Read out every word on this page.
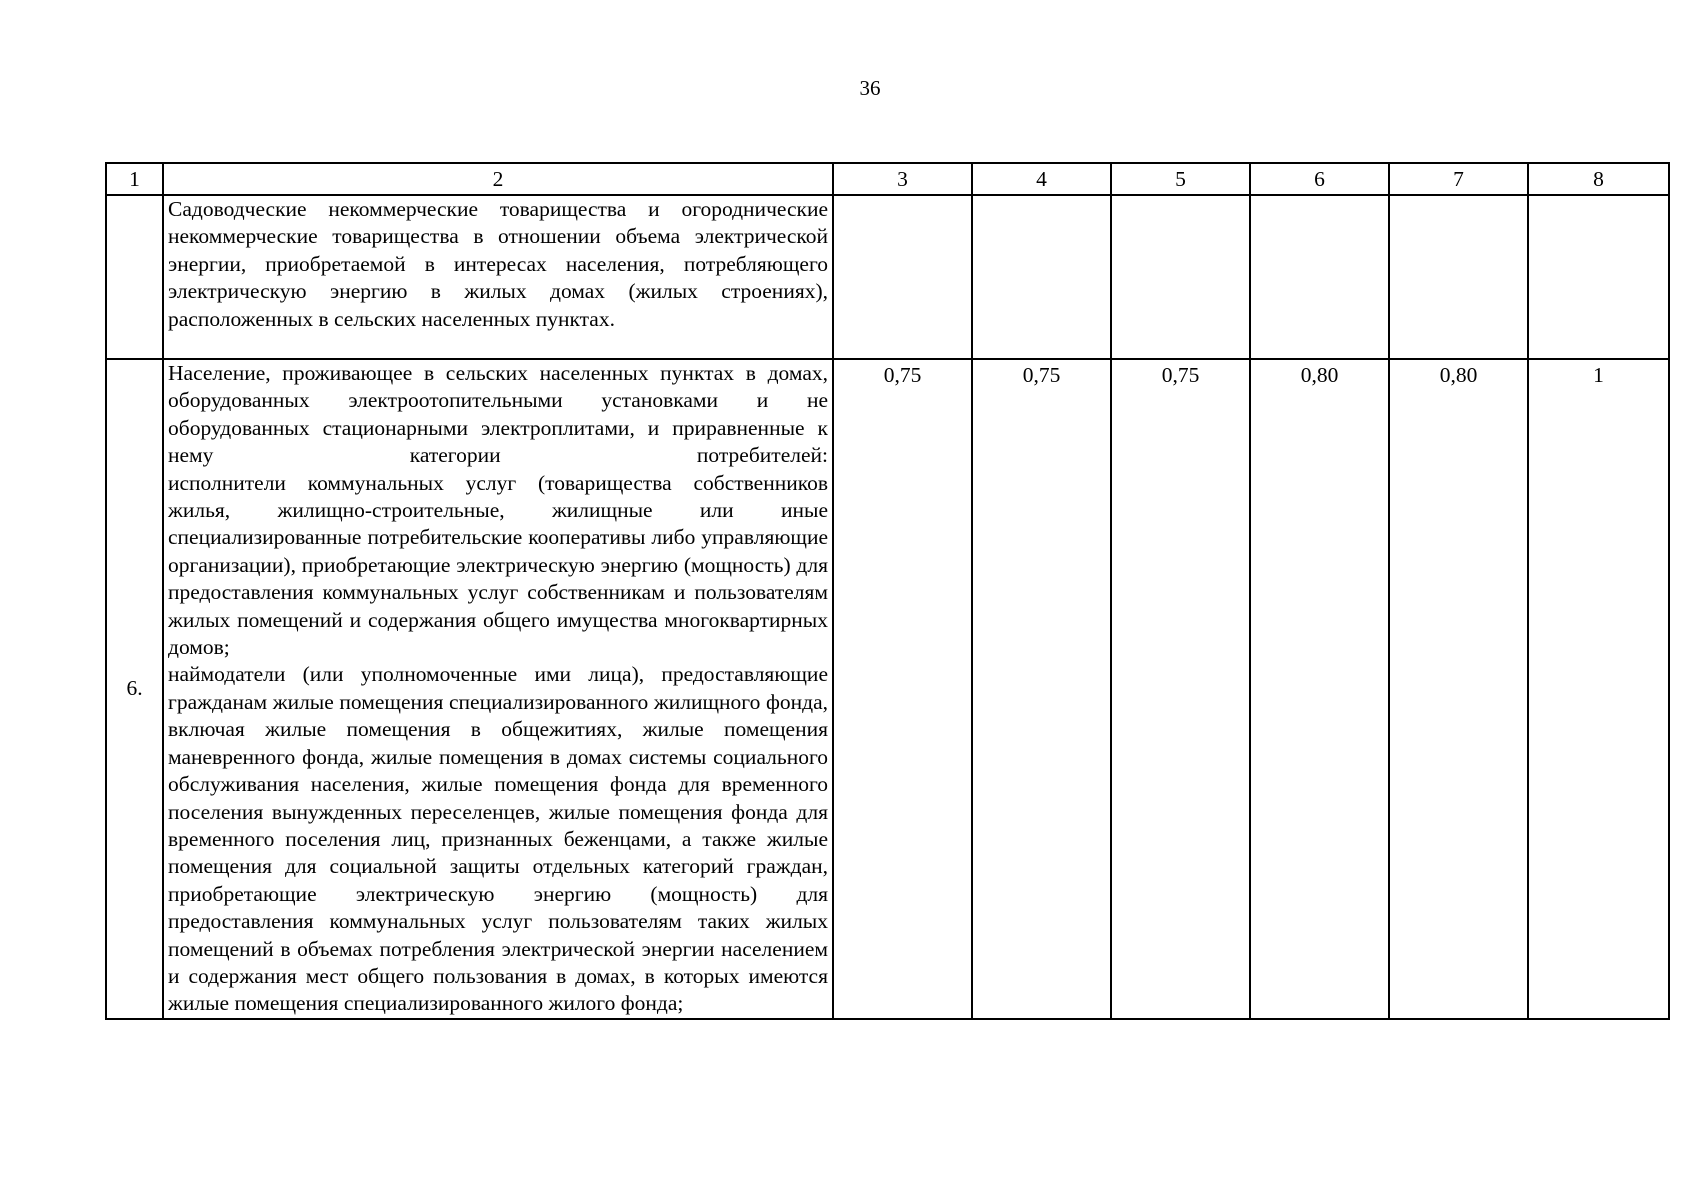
36
1	2	3	4	5	6	7	8

	Садоводческие некоммерческие товарищества и огороднические некоммерческие товарищества в отношении объема электрической энергии, приобретаемой в интересах населения, потребляющего электрическую энергию в жилых домах (жилых строениях), расположенных в сельских населенных пунктах.						

6.	Население, проживающее в сельских населенных пунктах в домах, оборудованных электроотопительными установками и не оборудованных стационарными электроплитами, и приравненные к нему категории потребителей:

исполнители коммунальных услуг (товарищества собственников жилья, жилищно-строительные, жилищные или иные специализированные потребительские кооперативы либо управляющие организации), приобретающие электрическую энергию (мощность) для предоставления коммунальных услуг собственникам и пользователям жилых помещений и содержания общего имущества многоквартирных домов;

наймодатели (или уполномоченные ими лица), предоставляющие гражданам жилые помещения специализированного жилищного фонда, включая жилые помещения в общежитиях, жилые помещения маневренного фонда, жилые помещения в домах системы социального обслуживания населения, жилые помещения фонда для временного поселения вынужденных переселенцев, жилые помещения фонда для временного поселения лиц, признанных беженцами, а также жилые помещения для социальной защиты отдельных категорий граждан, приобретающие электрическую энергию (мощность) для предоставления коммунальных услуг пользователям таких жилых помещений в объемах потребления электрической энергии населением и содержания мест общего пользования в домах, в которых имеются жилые помещения специализированного жилого фонда;	0,75	0,75	0,75	0,80	0,80	1
